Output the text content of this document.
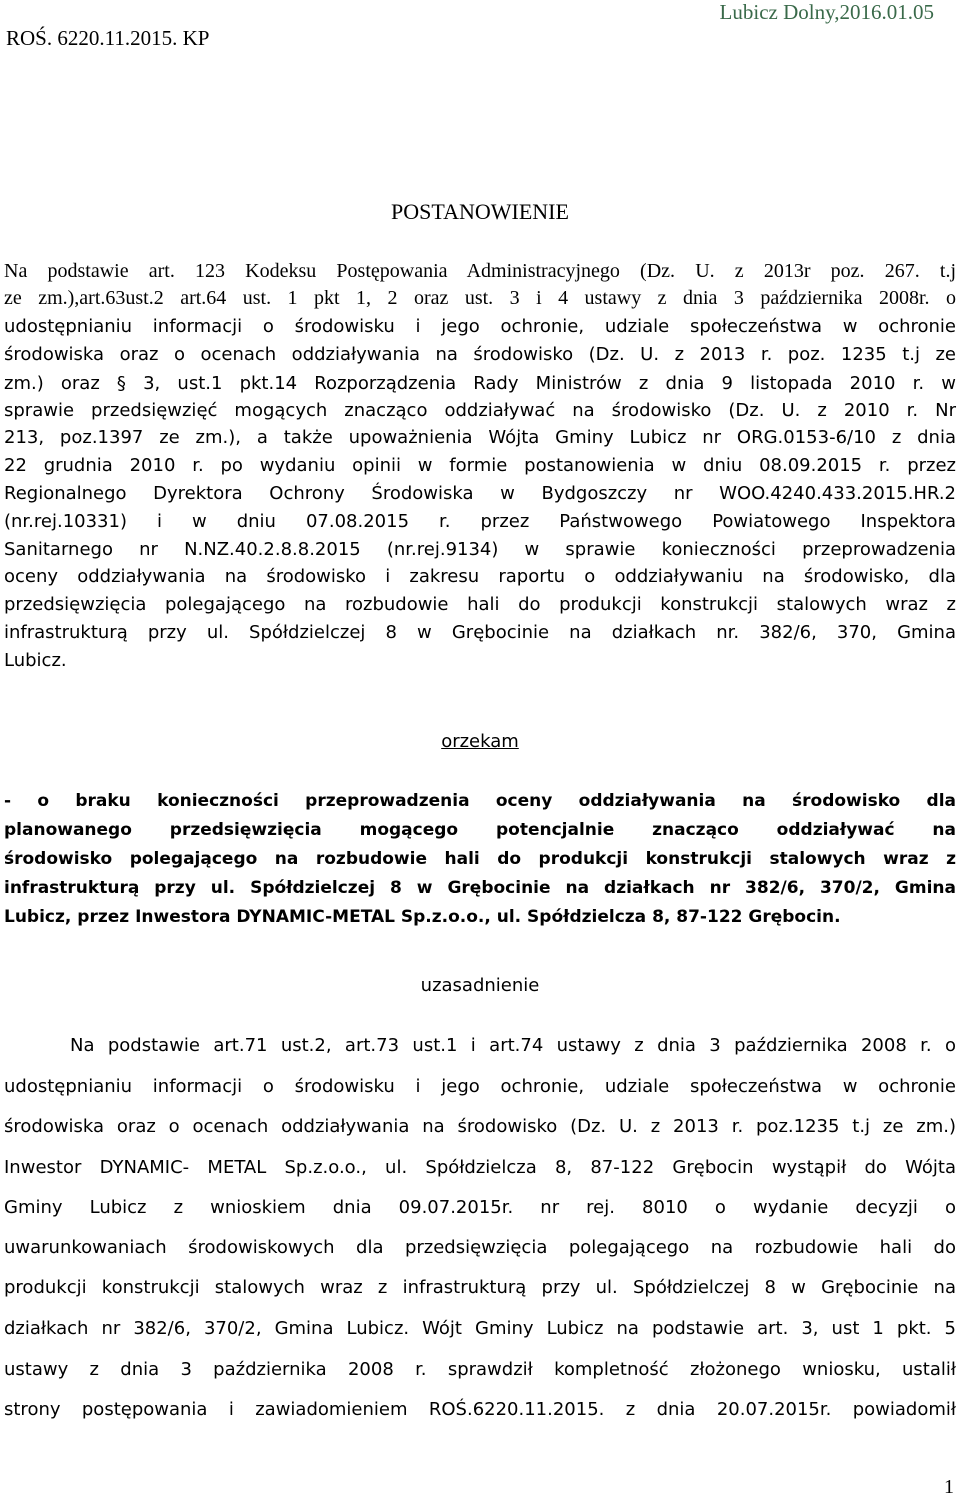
ROŚ. 6220.11.2015. KP
Lubicz Dolny,2016.01.05
POSTANOWIENIE
Na podstawie art. 123 Kodeksu Postępowania Administracyjnego (Dz. U. z 2013r poz. 267. t.j
ze zm.),art.63ust.2 art.64 ust. 1 pkt 1, 2 oraz ust. 3 i 4 ustawy z dnia 3 października 2008r. o
udostępnianiu informacji o środowisku i jego ochronie, udziale społeczeństwa w ochronie
środowiska oraz o ocenach oddziaływania na środowisko (Dz. U. z 2013 r. poz. 1235 t.j ze
zm.) oraz § 3, ust.1 pkt.14 Rozporządzenia Rady Ministrów z dnia 9 listopada 2010 r. w
sprawie przedsięwzięć mogących znacząco oddziaływać na środowisko (Dz. U. z 2010 r. Nr
213, poz.1397 ze zm.), a także upoważnienia Wójta Gminy Lubicz nr ORG.0153-6/10 z dnia
22 grudnia 2010 r. po wydaniu opinii w formie postanowienia w dniu 08.09.2015 r. przez
Regionalnego Dyrektora Ochrony Środowiska w Bydgoszczy nr WOO.4240.433.2015.HR.2
(nr.rej.10331) i w dniu 07.08.2015 r. przez Państwowego Powiatowego Inspektora
Sanitarnego nr N.NZ.40.2.8.8.2015 (nr.rej.9134) w sprawie konieczności przeprowadzenia
oceny oddziaływania na środowisko i zakresu raportu o oddziaływaniu na środowisko, dla
przedsięwzięcia polegającego na rozbudowie hali do produkcji konstrukcji stalowych wraz z
infrastrukturą przy ul. Spółdzielczej 8 w Grębocinie na działkach nr. 382/6, 370, Gmina
Lubicz.
orzekam
- o braku konieczności przeprowadzenia oceny oddziaływania na środowisko dla
planowanego przedsięwzięcia mogącego potencjalnie znacząco oddziaływać na
środowisko polegającego na rozbudowie hali do produkcji konstrukcji stalowych wraz z
infrastrukturą przy ul. Spółdzielczej 8 w Grębocinie na działkach nr 382/6, 370/2, Gmina
Lubicz, przez Inwestora DYNAMIC-METAL Sp.z.o.o., ul. Spółdzielcza 8, 87-122 Grębocin.
uzasadnienie
Na podstawie art.71 ust.2, art.73 ust.1 i art.74 ustawy z dnia 3 października 2008 r. o
udostępnianiu informacji o środowisku i jego ochronie, udziale społeczeństwa w ochronie
środowiska oraz o ocenach oddziaływania na środowisko (Dz. U. z 2013 r. poz.1235 t.j ze zm.)
Inwestor DYNAMIC- METAL Sp.z.o.o., ul. Spółdzielcza 8, 87-122 Grębocin wystąpił do Wójta
Gminy Lubicz z wnioskiem dnia 09.07.2015r. nr rej. 8010 o wydanie decyzji o
uwarunkowaniach środowiskowych dla przedsięwzięcia polegającego na rozbudowie hali do
produkcji konstrukcji stalowych wraz z infrastrukturą przy ul. Spółdzielczej 8 w Grębocinie na
działkach nr 382/6, 370/2, Gmina Lubicz. Wójt Gminy Lubicz na podstawie art. 3, ust 1 pkt. 5
ustawy z dnia 3 października 2008 r. sprawdził kompletność złożonego wniosku, ustalił
strony postępowania i zawiadomieniem ROŚ.6220.11.2015. z dnia 20.07.2015r. powiadomił
1
